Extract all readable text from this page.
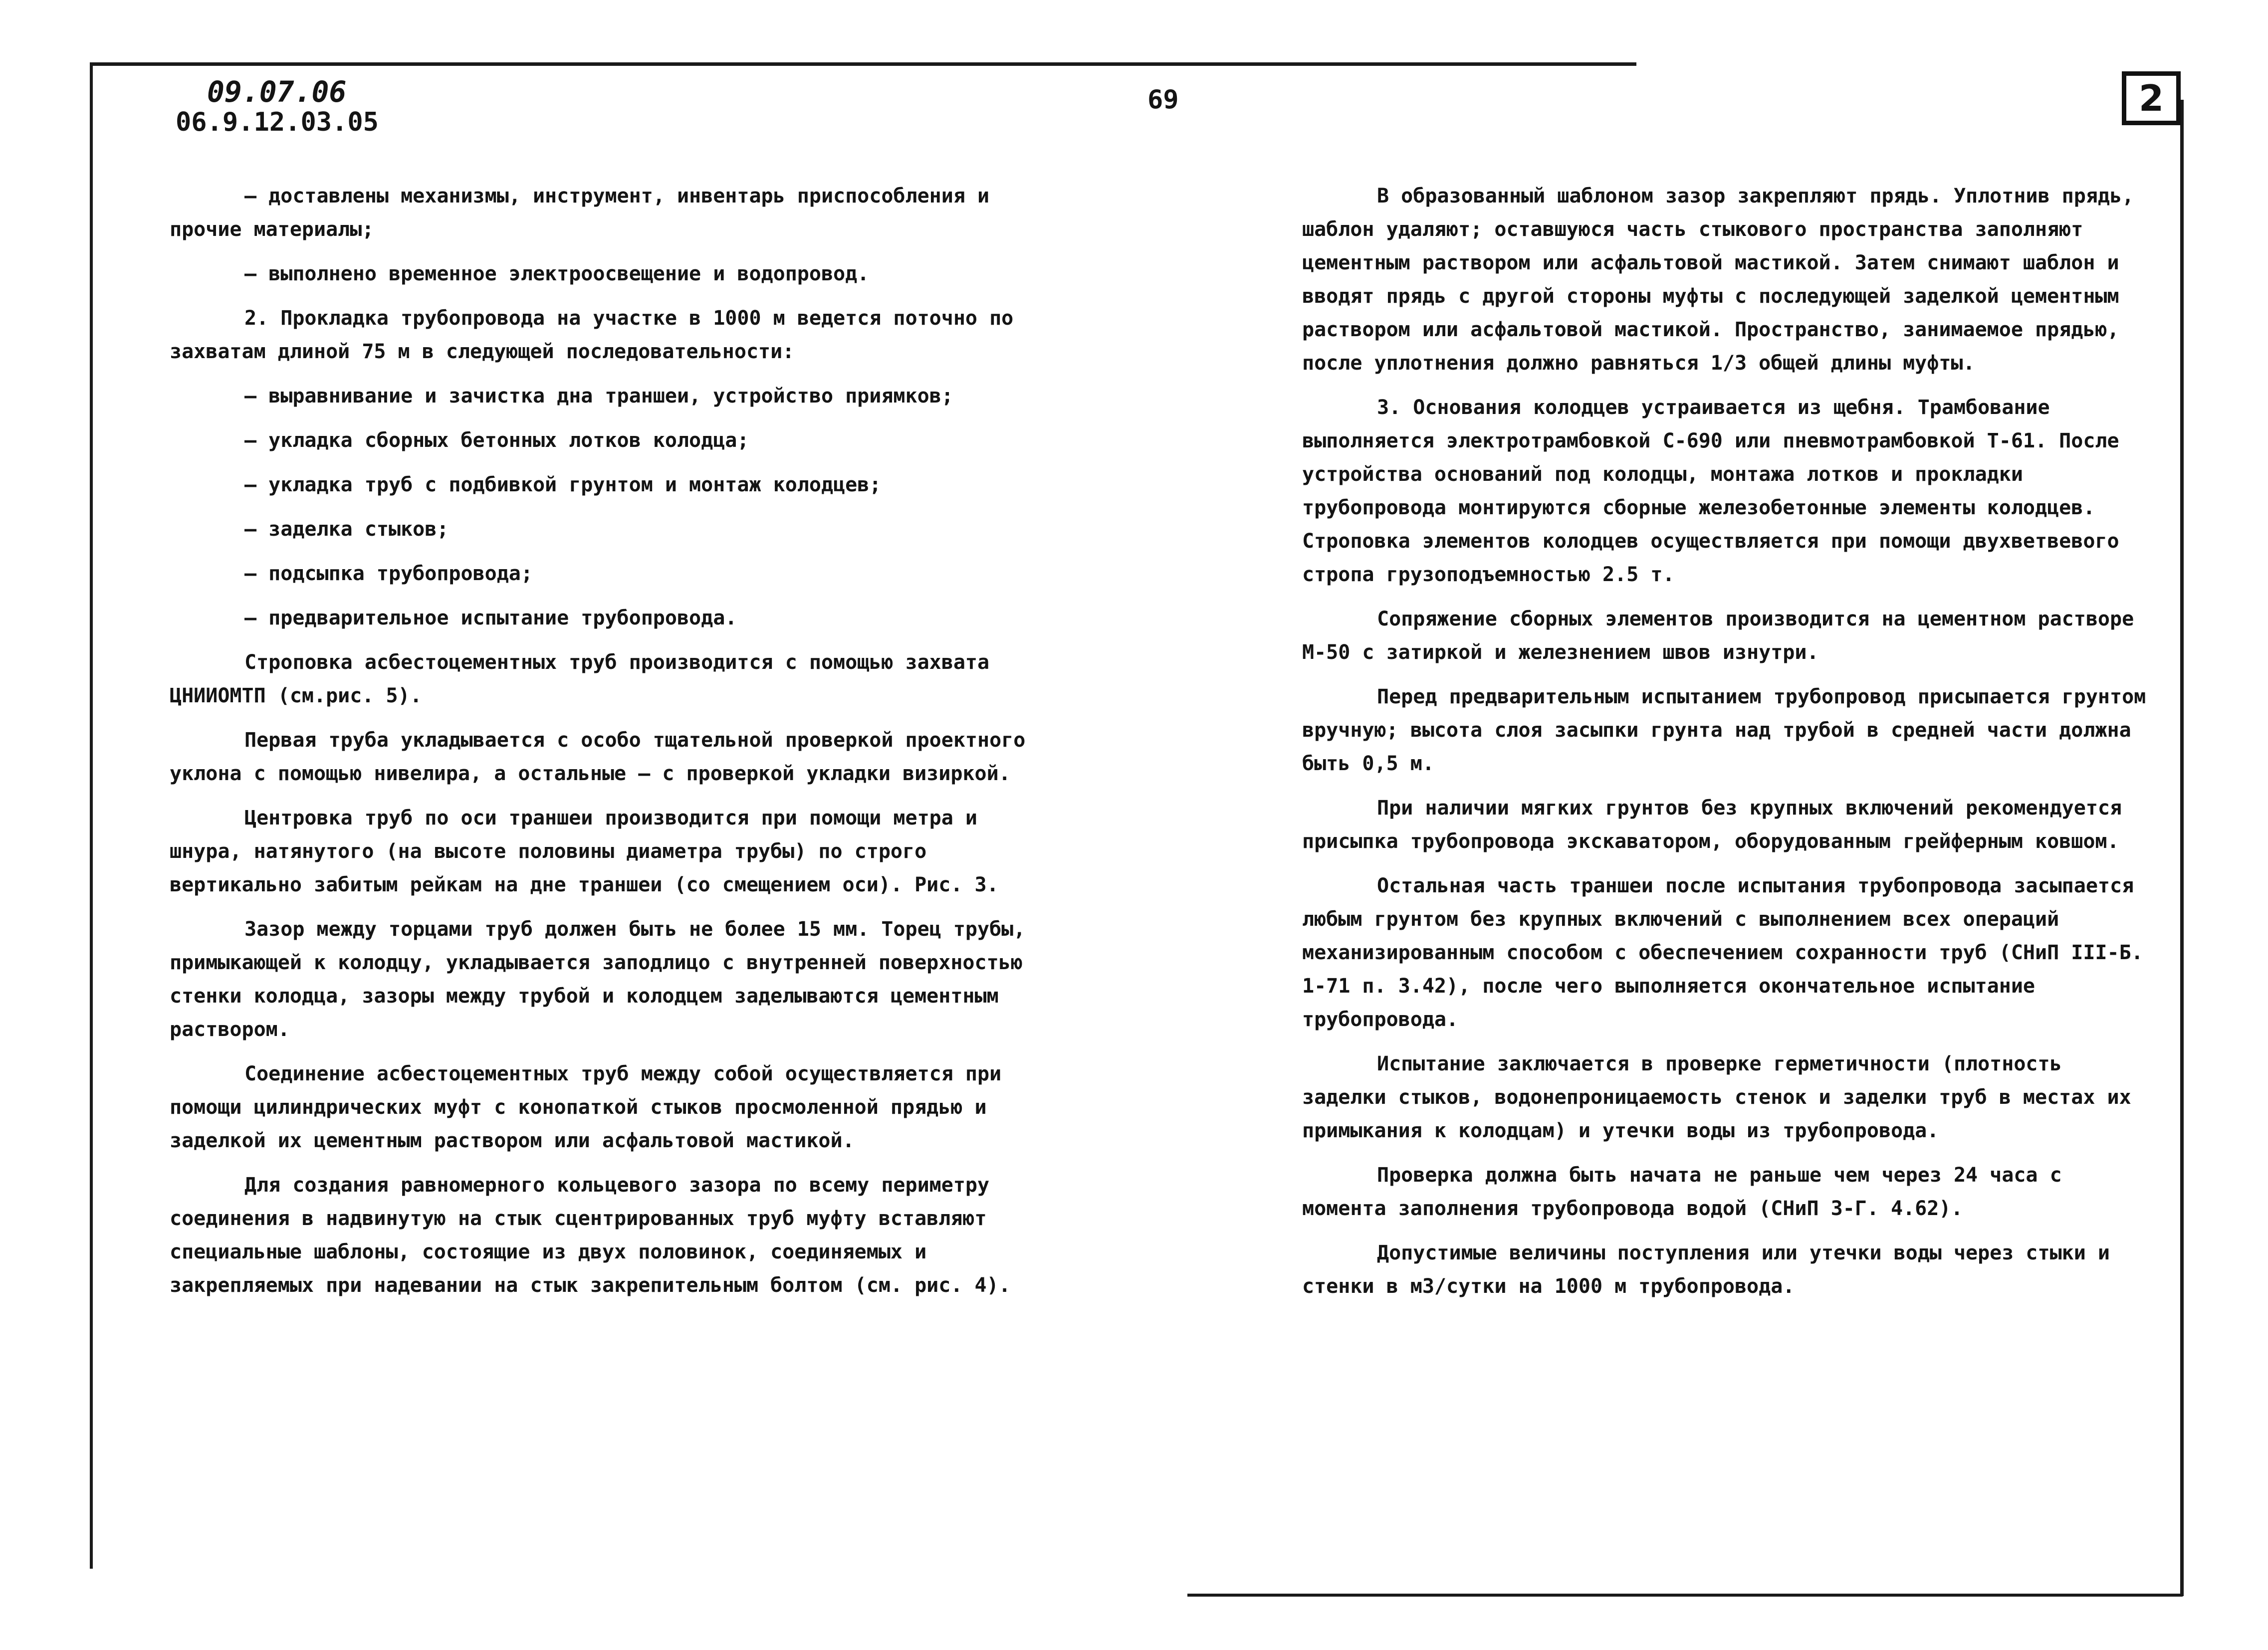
09.07.06
06.9.12.03.05
69	2

– доставлены механизмы, инструмент, инвентарь приспособления и прочие материалы;

– выполнено временное электроосвещение и водопровод.

2. Прокладка трубопровода на участке в 1000 м ведется поточно по захватам длиной 75 м в следующей последовательности:

– выравнивание и зачистка дна траншеи, устройство приямков;

– укладка сборных бетонных лотков колодца;

– укладка труб с подбивкой грунтом и монтаж колодцев;

– заделка стыков;

– подсыпка трубопровода;

– предварительное испытание трубопровода.

Строповка асбестоцементных труб производится с помощью захвата ЦНИИОМТП (см.рис. 5).

Первая труба укладывается с особо тщательной проверкой проектного уклона с помощью нивелира, а остальные – с проверкой укладки визиркой.

Центровка труб по оси траншеи производится при помощи метра и шнура, натянутого (на высоте половины диаметра трубы) по строго вертикально забитым рейкам на дне траншеи (со смещением оси). Рис. 3.

Зазор между торцами труб должен быть не более 15 мм. Торец трубы, примыкающей к колодцу, укладывается заподлицо с внутренней поверхностью стенки колодца, зазоры между трубой и колодцем заделываются цементным раствором.

Соединение асбестоцементных труб между собой осуществляется при помощи цилиндрических муфт с конопаткой стыков просмоленной прядью и заделкой их цементным раствором или асфальтовой мастикой.

Для создания равномерного кольцевого зазора по всему периметру соединения в надвинутую на стык сцентрированных труб муфту вставляют специальные шаблоны, состоящие из двух половинок, соединяемых и закрепляемых при надевании на стык закрепительным болтом (см. рис. 4).

В образованный шаблоном зазор закрепляют прядь. Уплотнив прядь, шаблон удаляют; оставшуюся часть стыкового пространства заполняют цементным раствором или асфальтовой мастикой. Затем снимают шаблон и вводят прядь с другой стороны муфты с последующей заделкой цементным раствором или асфальтовой мастикой. Пространство, занимаемое прядью, после уплотнения должно равняться 1/3 общей длины муфты.

3. Основания колодцев устраивается из щебня. Трамбование выполняется электротрамбовкой С-690 или пневмотрамбовкой Т-61. После устройства оснований под колодцы, монтажа лотков и прокладки трубопровода монтируются сборные железобетонные элементы колодцев. Строповка элементов колодцев осуществляется при помощи двухветвевого стропа грузоподъемностью 2.5 т.

Сопряжение сборных элементов производится на цементном растворе М-50 с затиркой и железнением швов изнутри.

Перед предварительным испытанием трубопровод присыпается грунтом вручную; высота слоя засыпки грунта над трубой в средней части должна быть 0,5 м.

При наличии мягких грунтов без крупных включений рекомендуется присыпка трубопровода экскаватором, оборудованным грейферным ковшом.

Остальная часть траншеи после испытания трубопровода засыпается любым грунтом без крупных включений с выполнением всех операций механизированным способом с обеспечением сохранности труб (СНиП III-Б. 1-71 п. 3.42), после чего выполняется окончательное испытание трубопровода.

Испытание заключается в проверке герметичности (плотность заделки стыков, водонепроницаемость стенок и заделки труб в местах их примыкания к колодцам) и утечки воды из трубопровода.

Проверка должна быть начата не раньше чем через 24 часа с момента заполнения трубопровода водой (СНиП 3-Г. 4.62).

Допустимые величины поступления или утечки воды через стыки и стенки в м3/сутки на 1000 м трубопровода.
